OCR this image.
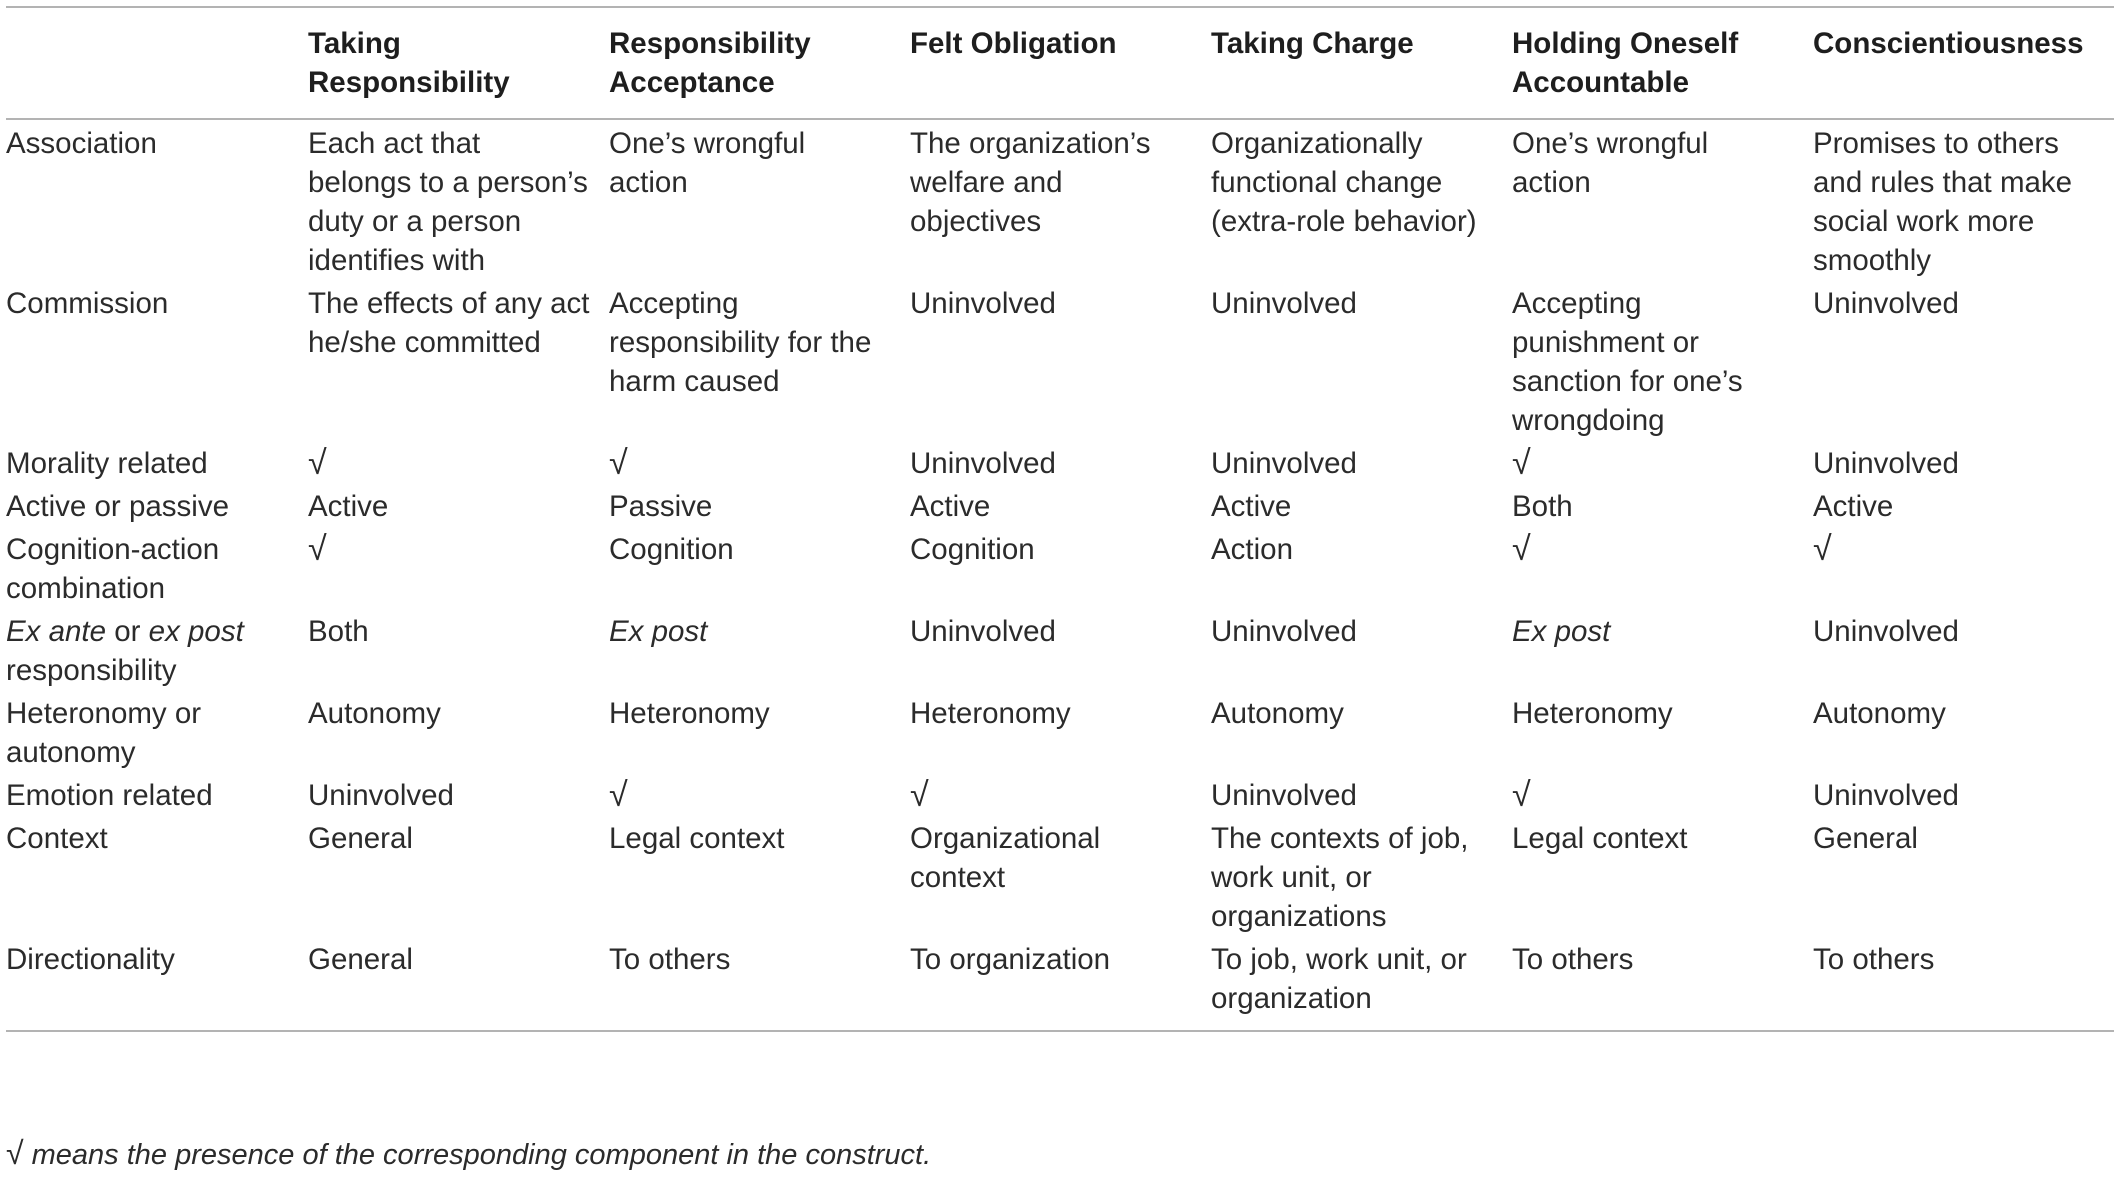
	Taking Responsibility	Responsibility Acceptance	Felt Obligation	Taking Charge	Holding Oneself Accountable	Conscientiousness
Association	Each act that belongs to a person’s duty or a person identifies with	One’s wrongful action	The organization’s welfare and objectives	Organizationally functional change (extra-role behavior)	One’s wrongful action	Promises to others and rules that make social work more smoothly
Commission	The effects of any act he/she committed	Accepting responsibility for the harm caused	Uninvolved	Uninvolved	Accepting punishment or sanction for one’s wrongdoing	Uninvolved
Morality related	√	√	Uninvolved	Uninvolved	√	Uninvolved
Active or passive	Active	Passive	Active	Active	Both	Active
Cognition-action combination	√	Cognition	Cognition	Action	√	√
Ex ante or ex post responsibility	Both	Ex post	Uninvolved	Uninvolved	Ex post	Uninvolved
Heteronomy or autonomy	Autonomy	Heteronomy	Heteronomy	Autonomy	Heteronomy	Autonomy
Emotion related	Uninvolved	√	√	Uninvolved	√	Uninvolved
Context	General	Legal context	Organizational context	The contexts of job, work unit, or organizations	Legal context	General
Directionality	General	To others	To organization	To job, work unit, or organization	To others	To others
√ means the presence of the corresponding component in the construct.
